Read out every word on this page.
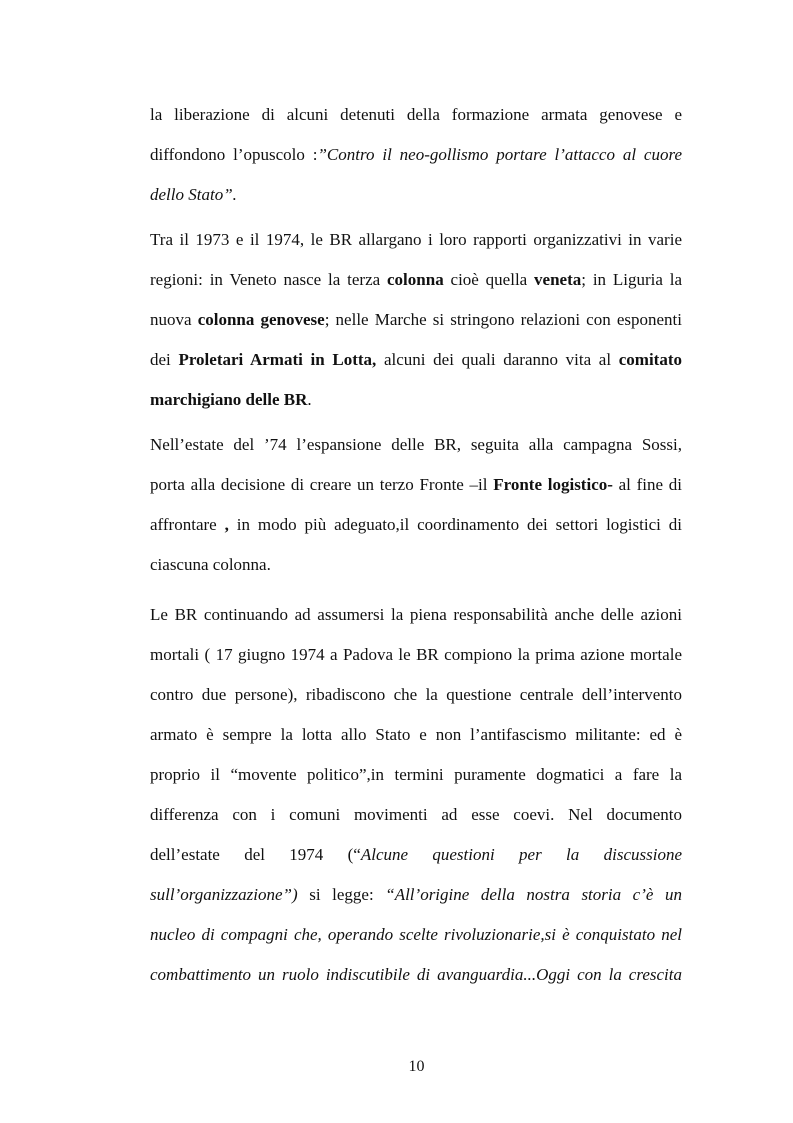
la liberazione di alcuni detenuti della formazione armata genovese e
diffondono l’opuscolo :”Contro il neo-gollismo portare l’attacco al cuore
dello Stato”.
Tra il 1973 e il 1974, le BR allargano i loro rapporti organizzativi in varie
regioni: in Veneto nasce la terza colonna cioè quella veneta; in Liguria la
nuova colonna genovese; nelle Marche si stringono relazioni con esponenti
dei Proletari Armati in Lotta, alcuni dei quali daranno vita al comitato
marchigiano delle BR.
Nell’estate del ’74 l’espansione delle BR, seguita alla campagna Sossi,
porta alla decisione di creare un terzo Fronte –il Fronte logistico- al fine di
affrontare , in modo più adeguato,il coordinamento dei settori logistici di
ciascuna colonna.
Le BR continuando ad assumersi la piena responsabilità anche delle azioni
mortali ( 17 giugno 1974 a Padova le BR compiono la prima azione mortale
contro due persone), ribadiscono che la questione centrale dell’intervento
armato è sempre la lotta allo Stato e non l’antifascismo militante: ed è
proprio il “movente politico”,in termini puramente dogmatici a fare la
differenza con i comuni movimenti ad esse coevi. Nel documento
dell’estate del 1974 (“Alcune questioni per la discussione
sull’organizzazione”) si legge: “All’origine della nostra storia c’è un
nucleo di compagni che, operando scelte rivoluzionarie,si è conquistato nel
combattimento un ruolo indiscutibile di avanguardia...Oggi con la crescita
10
